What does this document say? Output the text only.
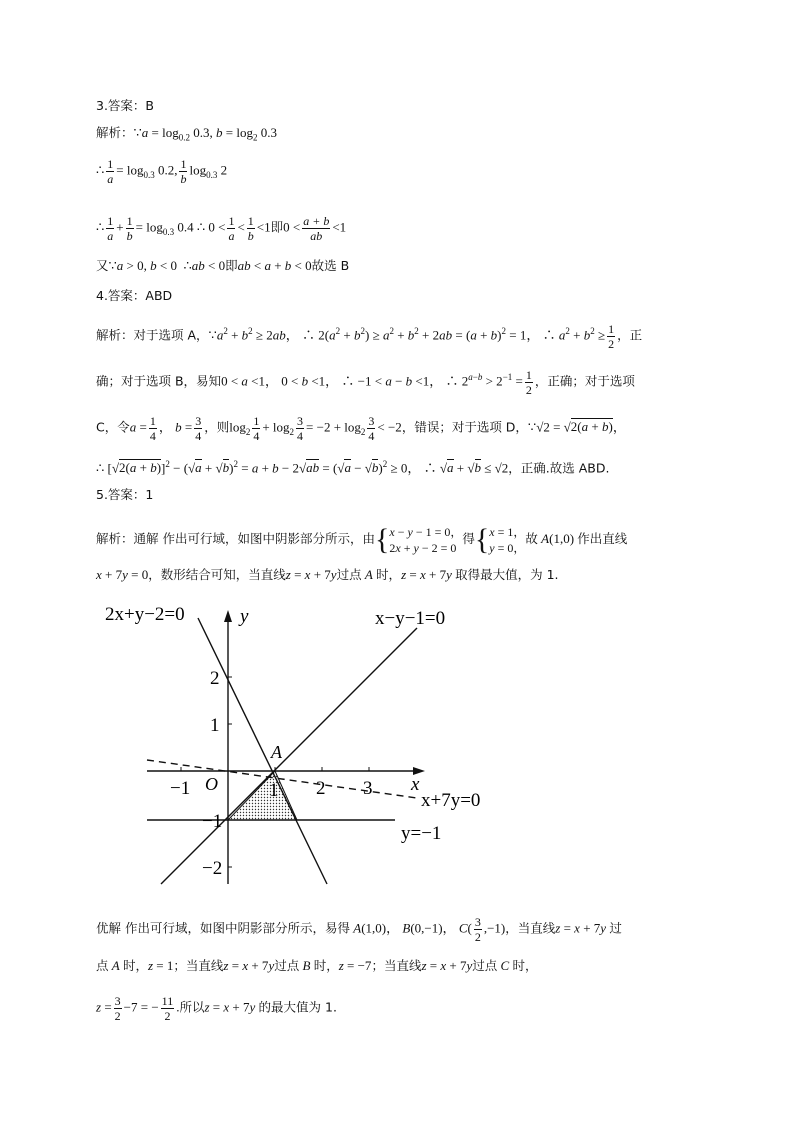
3.答案：B
解析：∵a = $\log_{0.2} 0.3$, $b = \log_2 0.3$
∴ $\frac{1}{a} = \log_{0.3} 0.2$, $\frac{1}{b} \log_{0.3} 2$
∴ $\frac{1}{a} + \frac{1}{b} = \log_{0.3} 0.4$ ∴ $0 < \frac{1}{a} < \frac{1}{b} <1$即$0 < \frac{a + b}{ab} <1$
又∵a > 0, b < 0  ∴ab < 0即ab < a + b < 0故选 B
4.答案：ABD
解析：对于选项 A，$\because a^2 + b^2 \ge 2ab$， ∴ $2(a^2 + b^2) \ge a^2 + b^2 + 2ab = (a + b)^2 = 1$， ∴ $a^2 + b^2 \ge \frac{1}{2}$ ，正
确；对于选项 B，易知0 < a <1， 0 < b <1， ∴ −1 < a − b <1， ∴ $2^{a-b} > 2^{-1} = \frac{1}{2}$ ，正确；对于选项
C，令$a = \frac{1}{4}$ ， $b = \frac{3}{4}$ ，则$\log_2 \frac{1}{4} + \log_2 \frac{3}{4} = -2 + \log_2 \frac{3}{4} < -2$，错误；对于选项 D，∵√2 = √2(a + b)，
∴ $[√2(a + b)]^2 - (√a + √b)^2 = a + b - 2√ab = (√a - √b)^2 \ge 0$， ∴ √a + √b ≤ √2，正确.故选 ABD.
5.答案：1
解析：通解 作出可行域，如图中阴影部分所示，由{x − y − 1 = 0，
2x + y − 2 = 0得{x = 1，
y = 0，故 A(1,0) 作出直线
x + 7y = 0，数形结合可知，当直线z = x + 7y过点 A 时，z = x + 7y 取得最大值，为 1.
2x+y−2=0	x−y−1=0
x+7y=0
y=−1
x
y
O
A
−1	1 2 3
2
1
−1
−2
优解 作出可行域，如图中阴影部分所示，易得 A(1,0)， B(0,−1)， $C( \frac{3}{2} ,-1)$，当直线z = x + 7y 过
点 A 时，z = 1；当直线z = x + 7y过点 B 时，z = −7；当直线z = x + 7y过点 C 时，
$z = \frac{3}{2} -7$ = − $\frac{11}{2}$ .所以z = x + 7y 的最大值为 1.
